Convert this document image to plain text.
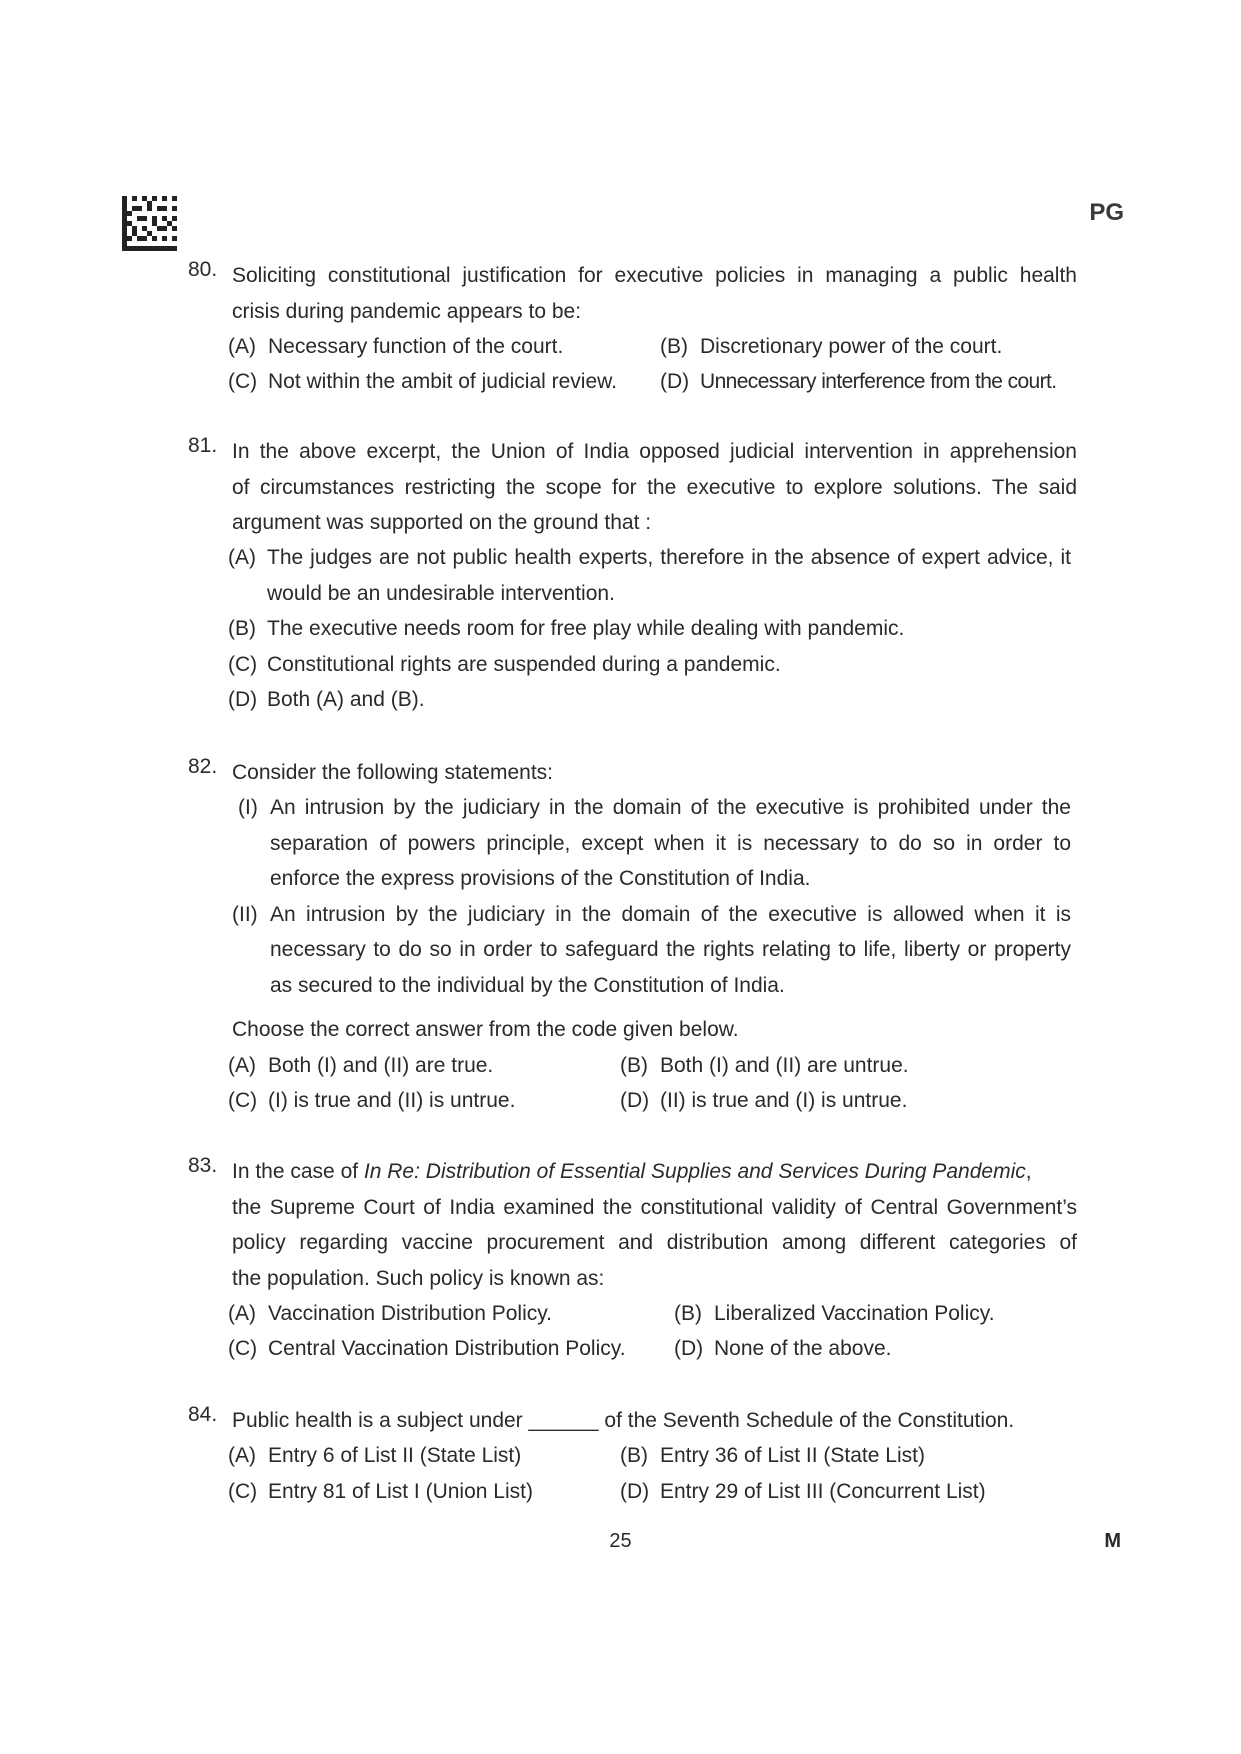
PG
80. Soliciting constitutional justification for executive policies in managing a public health
crisis during pandemic appears to be:
(A) Necessary function of the court.	(B) Discretionary power of the court.
(C) Not within the ambit of judicial review. (D) Unnecessary interference from the court.
81. In the above excerpt, the Union of India opposed judicial intervention in apprehension
of circumstances restricting the scope for the executive to explore solutions. The said
argument was supported on the ground that :
(A) The judges are not public health experts, therefore in the absence of expert advice, it would be an undesirable intervention.
(B) The executive needs room for free play while dealing with pandemic.
(C) Constitutional rights are suspended during a pandemic.
(D) Both (A) and (B).
82. Consider the following statements:
(I) An intrusion by the judiciary in the domain of the executive is prohibited under the separation of powers principle, except when it is necessary to do so in order to enforce the express provisions of the Constitution of India.
(II) An intrusion by the judiciary in the domain of the executive is allowed when it is necessary to do so in order to safeguard the rights relating to life, liberty or property as secured to the individual by the Constitution of India.
Choose the correct answer from the code given below.
(A) Both (I) and (II) are true.	(B) Both (I) and (II) are untrue.
(C) (I) is true and (II) is untrue.	(D) (II) is true and (I) is untrue.
83. In the case of In Re: Distribution of Essential Supplies and Services During Pandemic,
the Supreme Court of India examined the constitutional validity of Central Government’s
policy regarding vaccine procurement and distribution among different categories of
the population. Such policy is known as:
(A) Vaccination Distribution Policy.	(B) Liberalized Vaccination Policy.
(C) Central Vaccination Distribution Policy. (D) None of the above.
84. Public health is a subject under ______ of the Seventh Schedule of the Constitution.
(A) Entry 6 of List II (State List)	(B) Entry 36 of List II (State List)
(C) Entry 81 of List I (Union List)	(D) Entry 29 of List III (Concurrent List)
25	M
